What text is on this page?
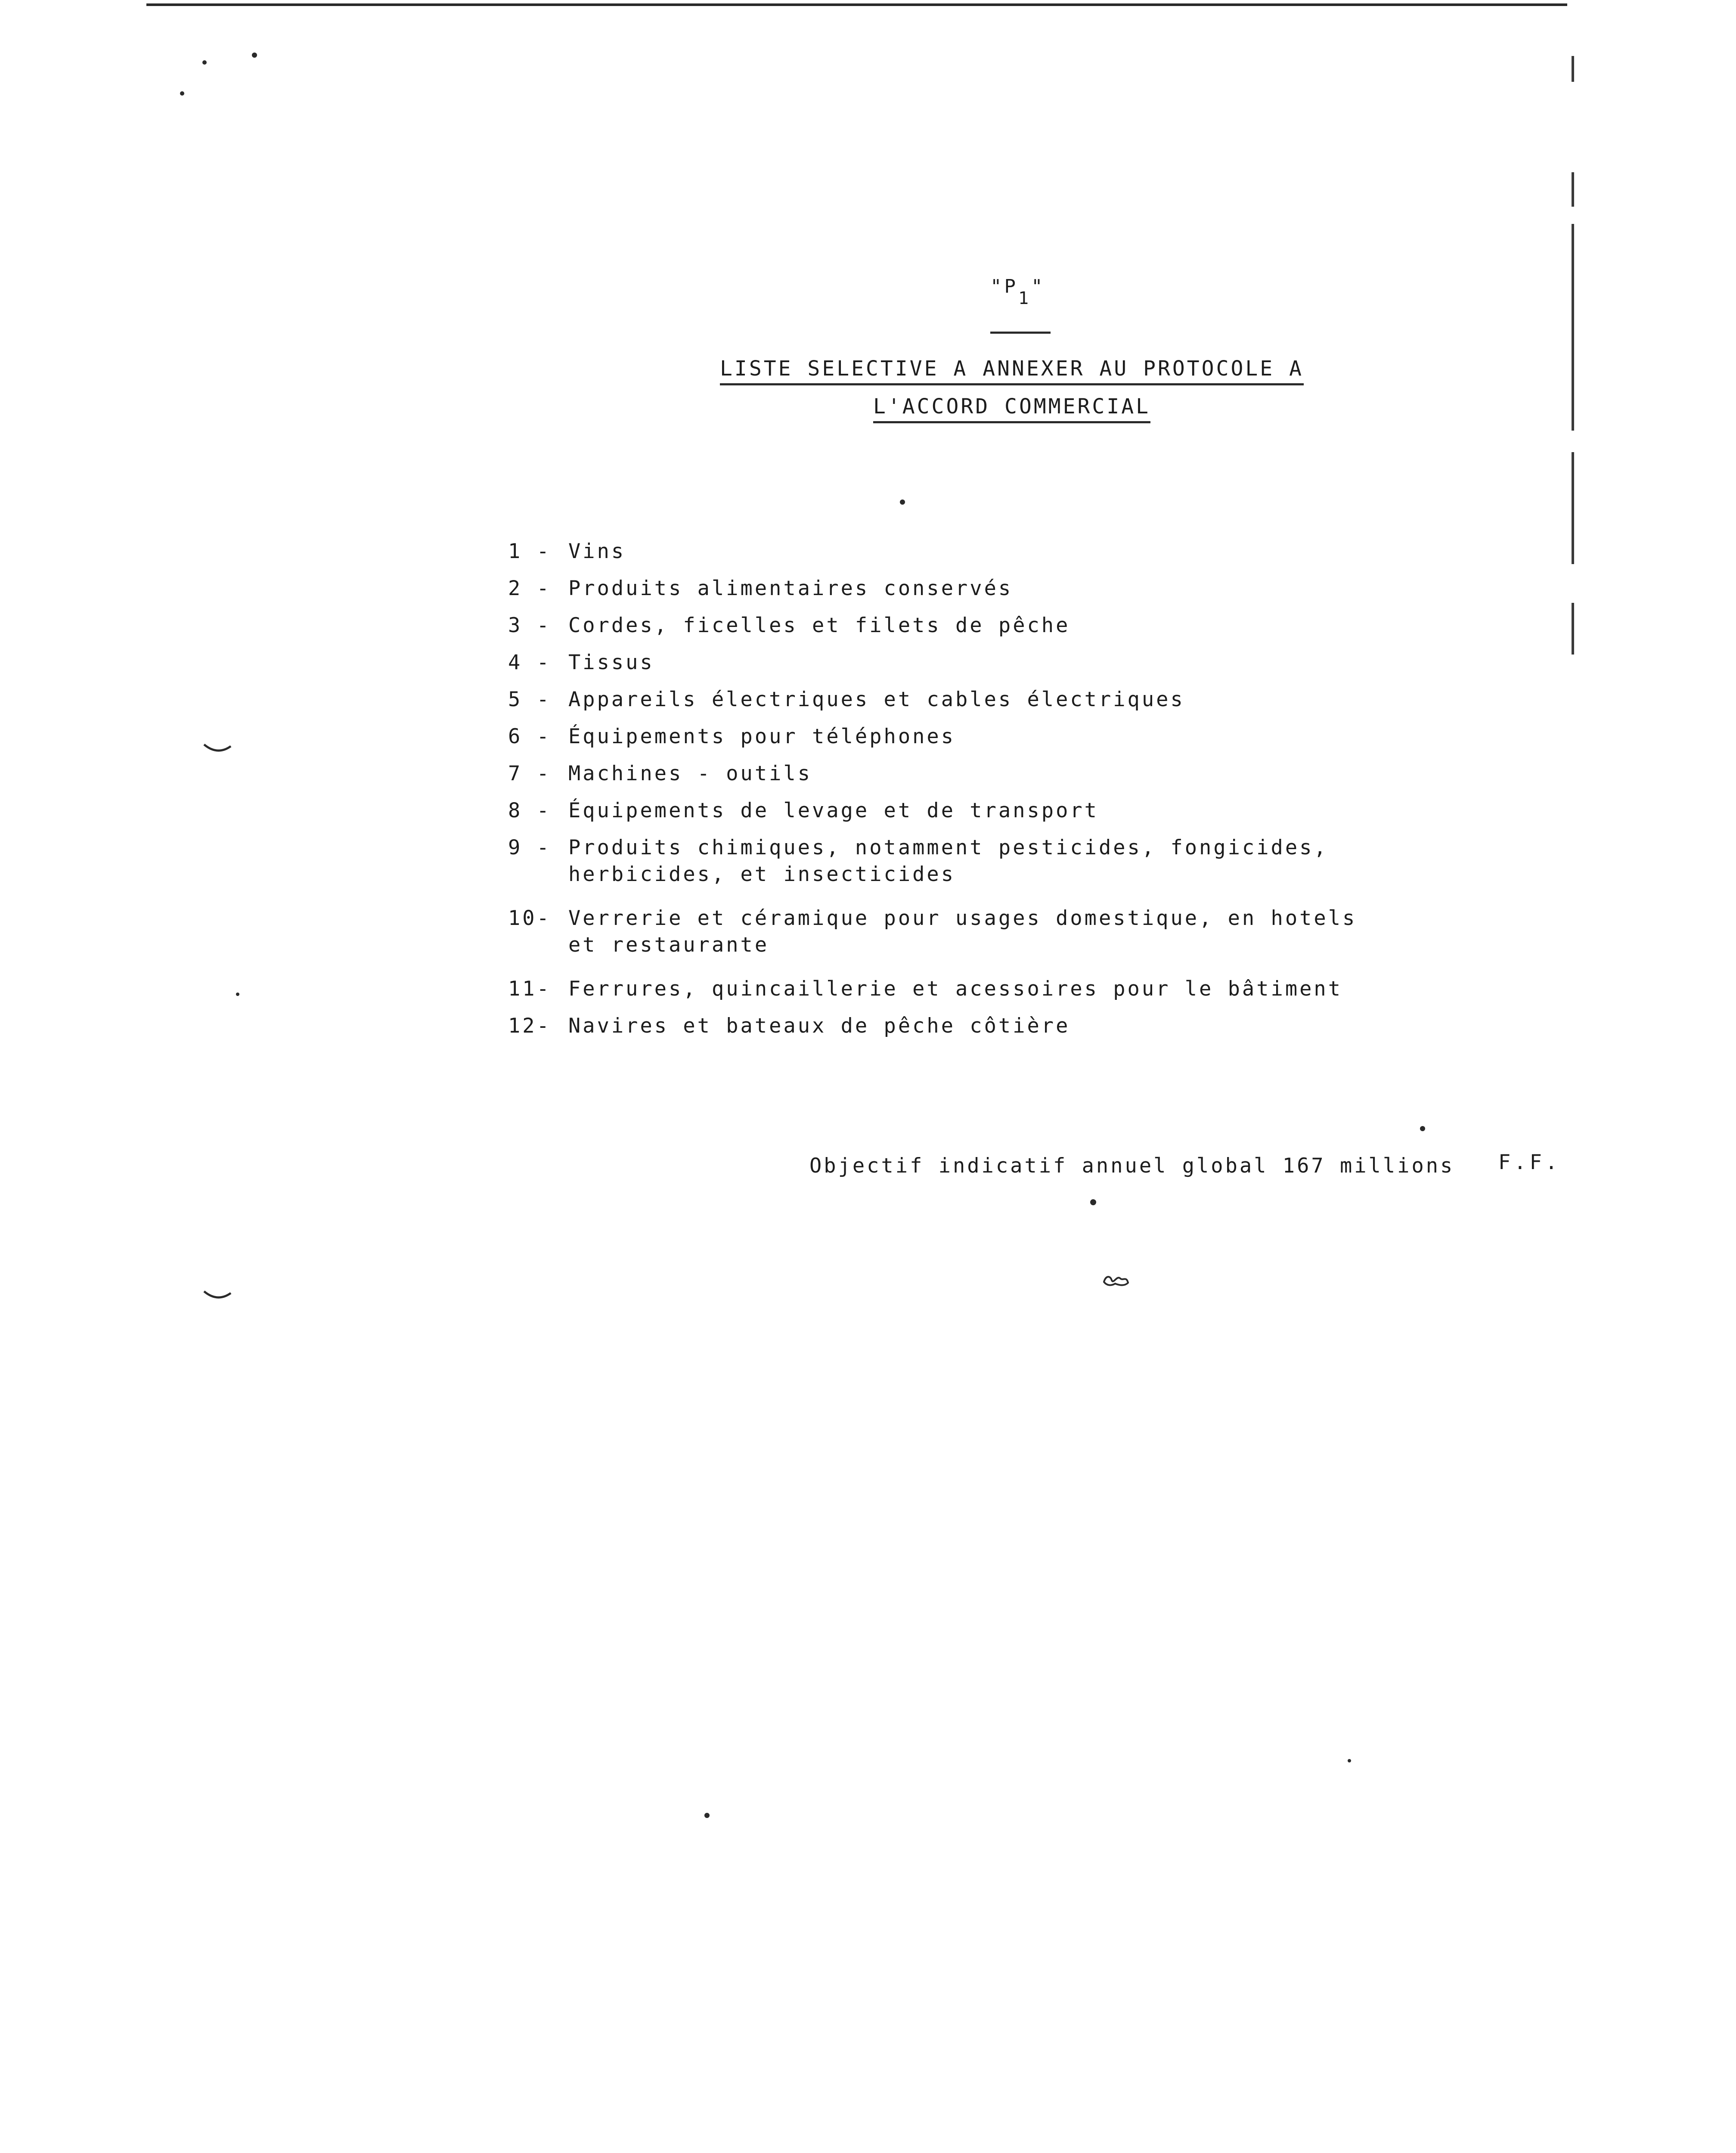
"P1"
LISTE SELECTIVE A ANNEXER AU PROTOCOLE A
L'ACCORD COMMERCIAL
1 - Vins
2 - Produits alimentaires conservés
3 - Cordes, ficelles et filets de pêche
4 - Tissus
5 - Appareils électriques et cables électriques
6 - Équipements pour téléphones
7 - Machines - outils
8 - Équipements de levage et de transport
9 - Produits chimiques, notamment pesticides, fongicides,
herbicides, et insecticides
10- Verrerie et céramique pour usages domestique, en hotels
et restaurante
11- Ferrures, quincaillerie et acessoires pour le bâtiment
12- Navires et bateaux de pêche côtière
Objectif indicatif annuel global 167 millions F.F.
